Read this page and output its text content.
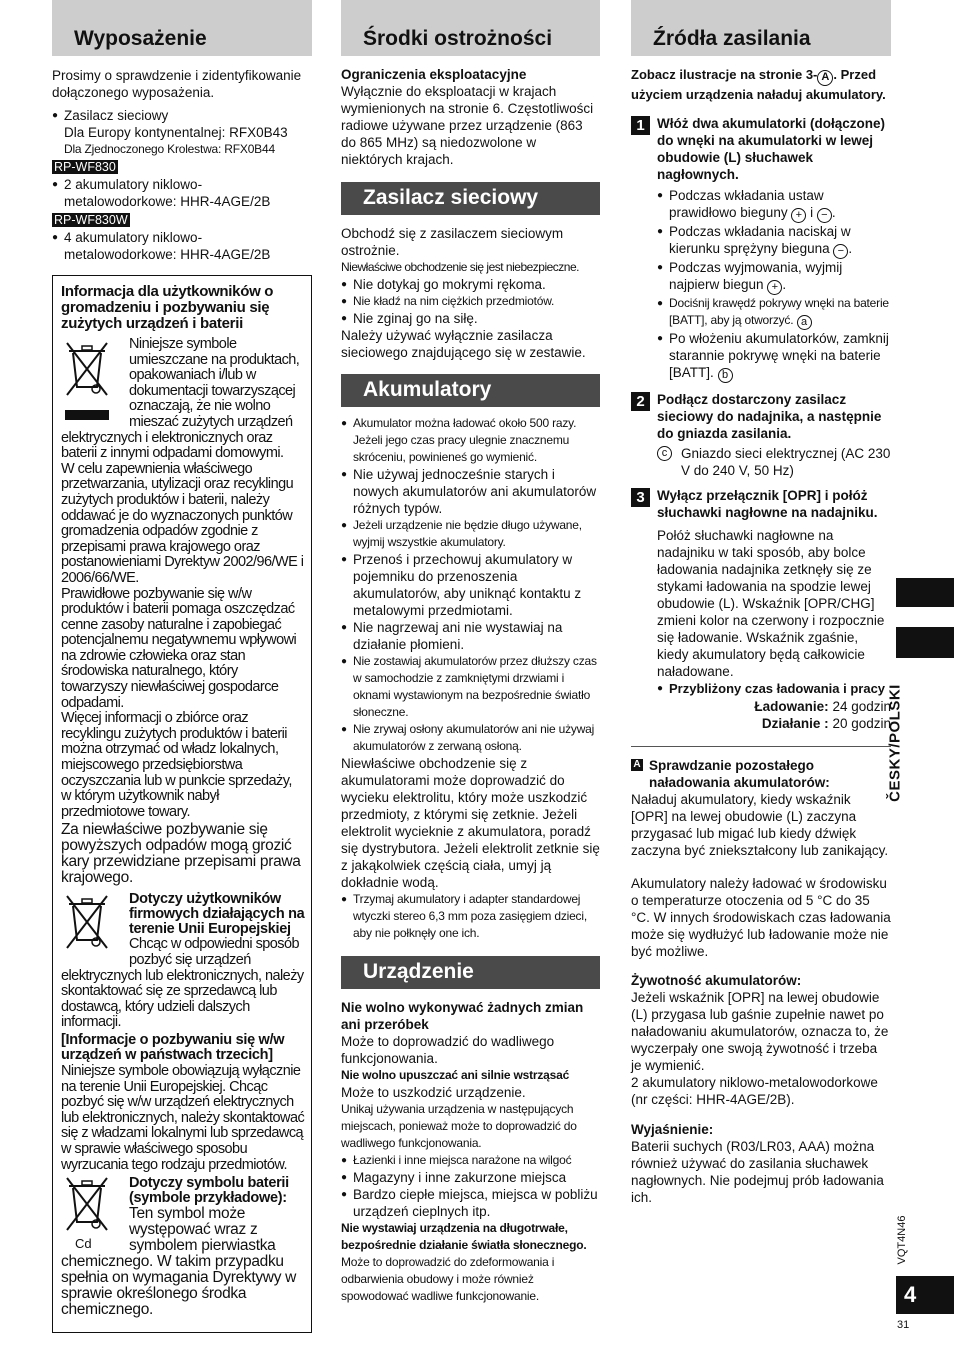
Wyposażenie

Prosimy o sprawdzenie i zidentyfikowanie dołączonego wyposażenia.

● Zasilacz sieciowy

Dla Europy kontynentalnej: RFX0B43

Dla Zjednoczonego Krolestwa: RFX0B44

RP-WF830

● 2 akumulatory niklowo-

metalowodorkowe: HHR-4AGE/2B

RP-WF830W

● 4 akumulatory niklowo-

metalowodorkowe: HHR-4AGE/2B

Informacja dla użytkowników o gromadzeniu i pozbywaniu się zużytych urządzeń i baterii

Niniejsze symbole umieszczane na produktach, opakowaniach i/lub w dokumentacji towarzyszącej oznaczają, że nie wolno mieszać zużytych urządzeń elektrycznych i elektronicznych oraz baterii z innymi odpadami domowymi.

W celu zapewnienia właściwego przetwarzania, utylizacji oraz recyklingu zużytych produktów i baterii, należy oddawać je do wyznaczonych punktów gromadzenia odpadów zgodnie z przepisami prawa krajowego oraz postanowieniami Dyrektyw 2002/96/WE i 2006/66/WE.

Prawidłowe pozbywanie się w/w produktów i baterii pomaga oszczędzać cenne zasoby naturalne i zapobiegać potencjalnemu negatywnemu wpływowi na zdrowie człowieka oraz stan środowiska naturalnego, który towarzyszy niewłaściwej gospodarce odpadami.

Więcej informacji o zbiórce oraz recyklingu zużytych produktów i baterii można otrzymać od władz lokalnych, miejscowego przedsiębiorstwa oczyszczania lub w punkcie sprzedaży, w którym użytkownik nabył przedmiotowe towary.

Za niewłaściwe pozbywanie się powyższych odpadów mogą grozić kary przewidziane przepisami prawa krajowego.

Dotyczy użytkowników firmowych działających na terenie Unii Europejskiej

Chcąc w odpowiedni sposób pozbyć się urządzeń elektrycznych lub elektronicznych, należy skontaktować się ze sprzedawcą lub dostawcą, który udzieli dalszych informacji.

[Informacje o pozbywaniu się w/w urządzeń w państwach trzecich]

Niniejsze symbole obowiązują wyłącznie na terenie Unii Europejskiej. Chcąc pozbyć się w/w urządzeń elektrycznych lub elektronicznych, należy skontaktować się z władzami lokalnymi lub sprzedawcą w sprawie właściwego sposobu wyrzucania tego rodzaju przedmiotów.

Cd

Dotyczy symbolu baterii (symbole przykładowe):

Ten symbol może występować wraz z symbolem pierwiastka chemicznego. W takim przypadku spełnia on wymagania Dyrektywy w sprawie określonego środka chemicznego.

Środki ostrożności

Ograniczenia eksploatacyjne

Wyłącznie do eksploatacji w krajach wymienionych na stronie 6. Częstotliwości radiowe używane przez urządzenie (863 do 865 MHz) są niedozwolone w niektórych krajach.

Zasilacz sieciowy

Obchodź się z zasilaczem sieciowym ostrożnie.

Niewłaściwe obchodzenie się jest niebezpieczne.

● Nie dotykaj go mokrymi rękoma.

● Nie kładź na nim ciężkich przedmiotów.

● Nie zginaj go na siłę.

Należy używać wyłącznie zasilacza sieciowego znajdującego się w zestawie.

Akumulatory

● Akumulator można ładować około 500 razy. Jeżeli jego czas pracy ulegnie znacznemu skróceniu, powinieneś go wymienić.

● Nie używaj jednocześnie starych i nowych akumulatorów ani akumulatorów różnych typów.

● Jeżeli urządzenie nie będzie długo używane, wyjmij wszystkie akumulatory.

● Przenoś i przechowuj akumulatory w pojemniku do przenoszenia akumulatorów, aby uniknąć kontaktu z metalowymi przedmiotami.

● Nie nagrzewaj ani nie wystawiaj na działanie płomieni.

● Nie zostawiaj akumulatorów przez dłuższy czas w samochodzie z zamkniętymi drzwiami i oknami wystawionym na bezpośrednie światło słoneczne.

● Nie zrywaj osłony akumulatorów ani nie używaj akumulatorów z zerwaną osłoną.

Niewłaściwe obchodzenie się z akumulatorami może doprowadzić do wycieku elektrolitu, który może uszkodzić przedmioty, z którymi się zetknie. Jeżeli elektrolit wycieknie z akumulatora, poradź się dystrybutora. Jeżeli elektrolit zetknie się z jakąkolwiek częścią ciała, umyj ją dokładnie wodą.

● Trzymaj akumulatory i adapter standardowej wtyczki stereo 6,3 mm poza zasięgiem dzieci, aby nie połknęły one ich.

Urządzenie

Nie wolno wykonywać żadnych zmian ani przeróbek

Może to doprowadzić do wadliwego funkcjonowania.

Nie wolno upuszczać ani silnie wstrząsać

Może to uszkodzić urządzenie.

Unikaj używania urządzenia w następujących miejscach, ponieważ może to doprowadzić do wadliwego funkcjonowania.

● Łazienki i inne miejsca narażone na wilgoć

● Magazyny i inne zakurzone miejsca

● Bardzo ciepłe miejsca, miejsca w pobliżu urządzeń cieplnych itp.

Nie wystawiaj urządzenia na długotrwałe, bezpośrednie działanie światła słonecznego.

Może to doprowadzić do zdeformowania i odbarwienia obudowy i może również spowodować wadliwe funkcjonowanie.

Źródła zasilania

Zobacz ilustracje na stronie 3- A . Przed użyciem urządzenia naładuj akumulatory.

1 Włóż dwa akumulatorki (dołączone) do wnęki na akumulatorki w lewej obudowie (L) słuchawek nagłownych.

● Podczas wkładania ustaw prawidłowo bieguny + i − .

● Podczas wkładania naciskaj w kierunku sprężyny bieguna − .

● Podczas wyjmowania, wyjmij najpierw biegun + .

● Dociśnij krawędź pokrywy wnęki na baterie [BATT], aby ją otworzyć. a

● Po włożeniu akumulatorków, zamknij starannie pokrywę wnęki na baterie [BATT]. b

2 Podłącz dostarczony zasilacz sieciowy do nadajnika, a następnie do gniazda zasilania.

c	Gniazdo sieci elektrycznej (AC 230 V do 240 V, 50 Hz)

3 Wyłącz przełącznik [OPR] i połóż słuchawki nagłowne na nadajniku.

Połóż słuchawki nagłowne na nadajniku w taki sposób, aby bolce ładowania nadajnika zetknęły się ze stykami ładowania na spodzie lewej obudowie (L). Wskaźnik [OPR/CHG] zmieni kolor na czerwony i rozpocznie się ładowanie. Wskaźnik zgaśnie, kiedy akumulatory będą całkowicie naładowane.

● Przybliżony czas ładowania i pracy

Ładowanie: 24 godzin

Działanie : 20 godzin

A Sprawdzanie pozostałego naładowania akumulatorów:

Naładuj akumulatory, kiedy wskaźnik [OPR] na lewej obudowie (L) zaczyna przygasać lub migać lub kiedy dźwięk zaczyna być zniekształcony lub zanikający.

Akumulatory należy ładować w środowisku o temperaturze otoczenia od 5 °C do 35 °C. W innych środowiskach czas ładowania może się wydłużyć lub ładowanie może nie być możliwe.

Żywotność akumulatorów:

Jeżeli wskaźnik [OPR] na lewej obudowie (L) przygasa lub gaśnie zupełnie nawet po naładowaniu akumulatorów, oznacza to, że wyczerpały one swoją żywotność i trzeba je wymienić.

2 akumulatory niklowo-metalowodorkowe (nr części: HHR-4AGE/2B).

Wyjaśnienie:

Baterii suchych (R03/LR03, AAA) można również używać do zasilania słuchawek nagłownych. Nie podejmuj prób ładowania ich.

ČESKY/POLSKI
VQT4N46
4
31
